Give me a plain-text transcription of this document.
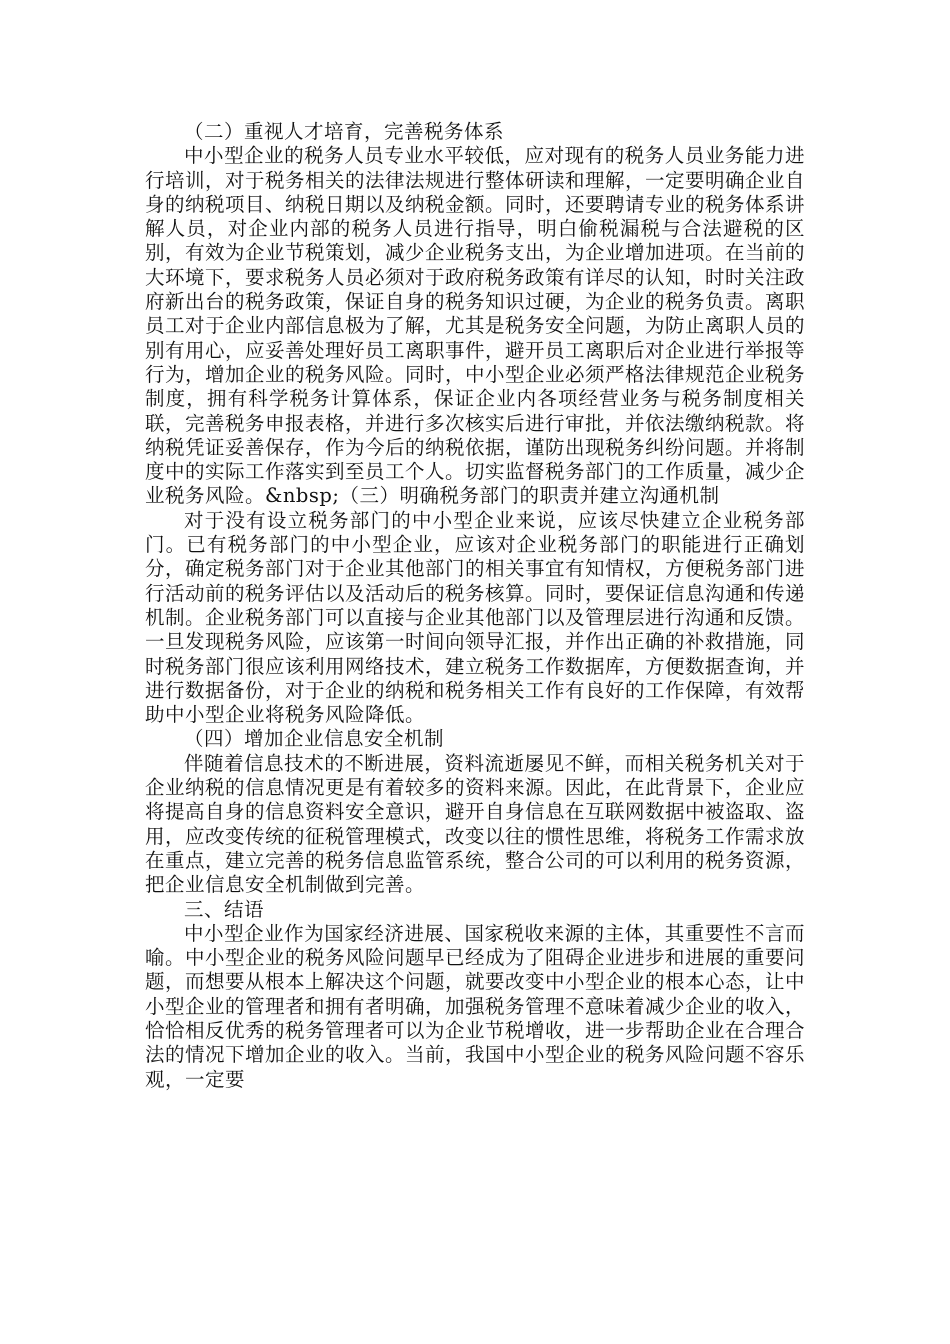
（二）重视人才培育，完善税务体系

中小型企业的税务人员专业水平较低，应对现有的税务人员业务能力进行培训，对于税务相关的法律法规进行整体研读和理解，一定要明确企业自身的纳税项目、纳税日期以及纳税金额。同时，还要聘请专业的税务体系讲解人员，对企业内部的税务人员进行指导，明白偷税漏税与合法避税的区别，有效为企业节税策划，减少企业税务支出，为企业增加进项。在当前的大环境下，要求税务人员必须对于政府税务政策有详尽的认知，时时关注政府新出台的税务政策，保证自身的税务知识过硬，为企业的税务负责。离职员工对于企业内部信息极为了解，尤其是税务安全问题，为防止离职人员的别有用心，应妥善处理好员工离职事件，避开员工离职后对企业进行举报等行为，增加企业的税务风险。同时，中小型企业必须严格法律规范企业税务制度，拥有科学税务计算体系，保证企业内各项经营业务与税务制度相关联，完善税务申报表格，并进行多次核实后进行审批，并依法缴纳税款。将纳税凭证妥善保存，作为今后的纳税依据，谨防出现税务纠纷问题。并将制度中的实际工作落实到至员工个人。切实监督税务部门的工作质量，减少企业税务风险。&nbsp;（三）明确税务部门的职责并建立沟通机制

对于没有设立税务部门的中小型企业来说，应该尽快建立企业税务部门。已有税务部门的中小型企业，应该对企业税务部门的职能进行正确划分，确定税务部门对于企业其他部门的相关事宜有知情权，方便税务部门进行活动前的税务评估以及活动后的税务核算。同时，要保证信息沟通和传递机制。企业税务部门可以直接与企业其他部门以及管理层进行沟通和反馈。一旦发现税务风险，应该第一时间向领导汇报，并作出正确的补救措施，同时税务部门很应该利用网络技术，建立税务工作数据库，方便数据查询，并进行数据备份，对于企业的纳税和税务相关工作有良好的工作保障，有效帮助中小型企业将税务风险降低。

（四）增加企业信息安全机制

伴随着信息技术的不断进展，资料流逝屡见不鲜，而相关税务机关对于企业纳税的信息情况更是有着较多的资料来源。因此，在此背景下，企业应将提高自身的信息资料安全意识，避开自身信息在互联网数据中被盗取、盗用，应改变传统的征税管理模式，改变以往的惯性思维，将税务工作需求放在重点，建立完善的税务信息监管系统，整合公司的可以利用的税务资源，把企业信息安全机制做到完善。

三、结语

中小型企业作为国家经济进展、国家税收来源的主体，其重要性不言而喻。中小型企业的税务风险问题早已经成为了阻碍企业进步和进展的重要问题，而想要从根本上解决这个问题，就要改变中小型企业的根本心态，让中小型企业的管理者和拥有者明确，加强税务管理不意味着减少企业的收入，恰恰相反优秀的税务管理者可以为企业节税增收，进一步帮助企业在合理合法的情况下增加企业的收入。当前，我国中小型企业的税务风险问题不容乐观，一定要
